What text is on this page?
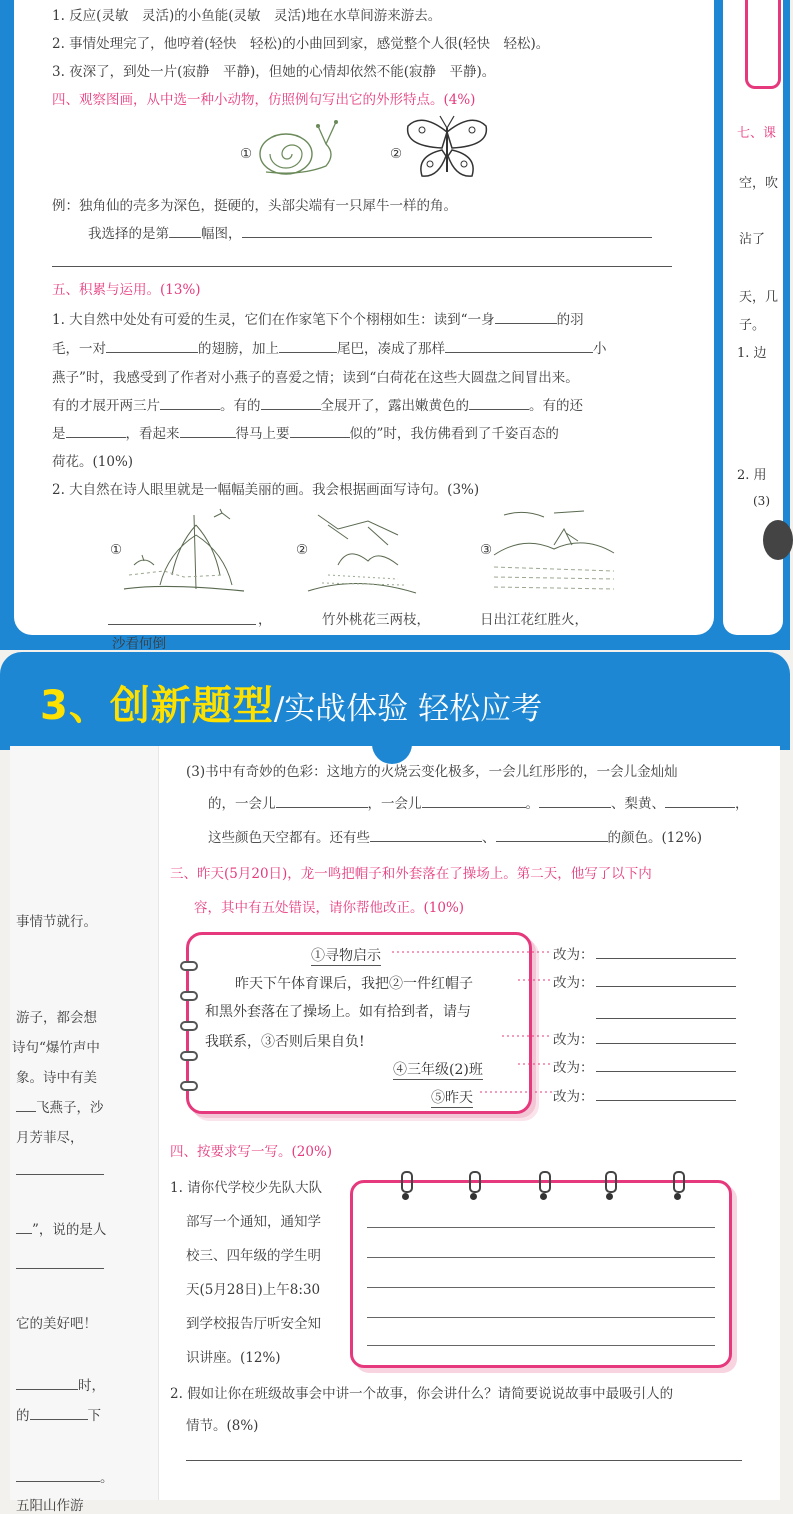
1. 反应(灵敏　灵活)的小鱼能(灵敏　灵活)地在水草间游来游去。
2. 事情处理完了，他哼着(轻快　轻松)的小曲回到家，感觉整个人很(轻快　轻松)。
3. 夜深了，到处一片(寂静　平静)，但她的心情却依然不能(寂静　平静)。
四、观察图画，从中选一种小动物，仿照例句写出它的外形特点。(4%)
①	②
例：独角仙的壳多为深色，挺硬的，头部尖端有一只犀牛一样的角。
我选择的是第 幅图，
五、积累与运用。(13%)
1. 大自然中处处有可爱的生灵，它们在作家笔下个个栩栩如生：读到“一身	的羽
毛，一对	的翅膀，加上	尾巴，凑成了那样	小
燕子”时，我感受到了作者对小燕子的喜爱之情；读到“白荷花在这些大圆盘之间冒出来。
有的才展开两三片	。有的	全展开了，露出嫩黄色的	。有的还
是	，看起来	得马上要	似的”时，我仿佛看到了千姿百态的
荷花。(10%)
2. 大自然在诗人眼里就是一幅幅美丽的画。我会根据画面写诗句。(3%)
①	②	③
，	竹外桃花三两枝，	日出江花红胜火，
七、课
空，吹
沾了
天，几
子。
1. 边
2. 用
(3)
3、创新题型/实战体验 轻松应考
事情节就行。
游子，都会想
诗句“爆竹声中
象。诗中有美
飞燕子，沙
月芳菲尽，
”，说的是人
它的美好吧！
时，
的	下
。
五阳山作游
(3)书中有奇妙的色彩：这地方的火烧云变化极多，一会儿红彤彤的，一会儿金灿灿
的，一会儿	，一会儿	。	、梨黄、	，
这些颜色天空都有。还有些	、	的颜色。(12%)
三、昨天(5月20日)，龙一鸣把帽子和外套落在了操场上。第二天，他写了以下内
容，其中有五处错误，请你帮他改正。(10%)
①寻物启示
昨天下午体育课后，我把②一件红帽子
和黑外套落在了操场上。如有拾到者，请与
我联系，③否则后果自负!
④三年级(2)班
⑤昨天
改为：
改为：
改为：
改为：
改为：
四、按要求写一写。(20%)
1. 请你代学校少先队大队
部写一个通知，通知学
校三、四年级的学生明
天(5月28日)上午8:30
到学校报告厅听安全知
识讲座。(12%)
2. 假如让你在班级故事会中讲一个故事，你会讲什么？请简要说说故事中最吸引人的
情节。(8%)
